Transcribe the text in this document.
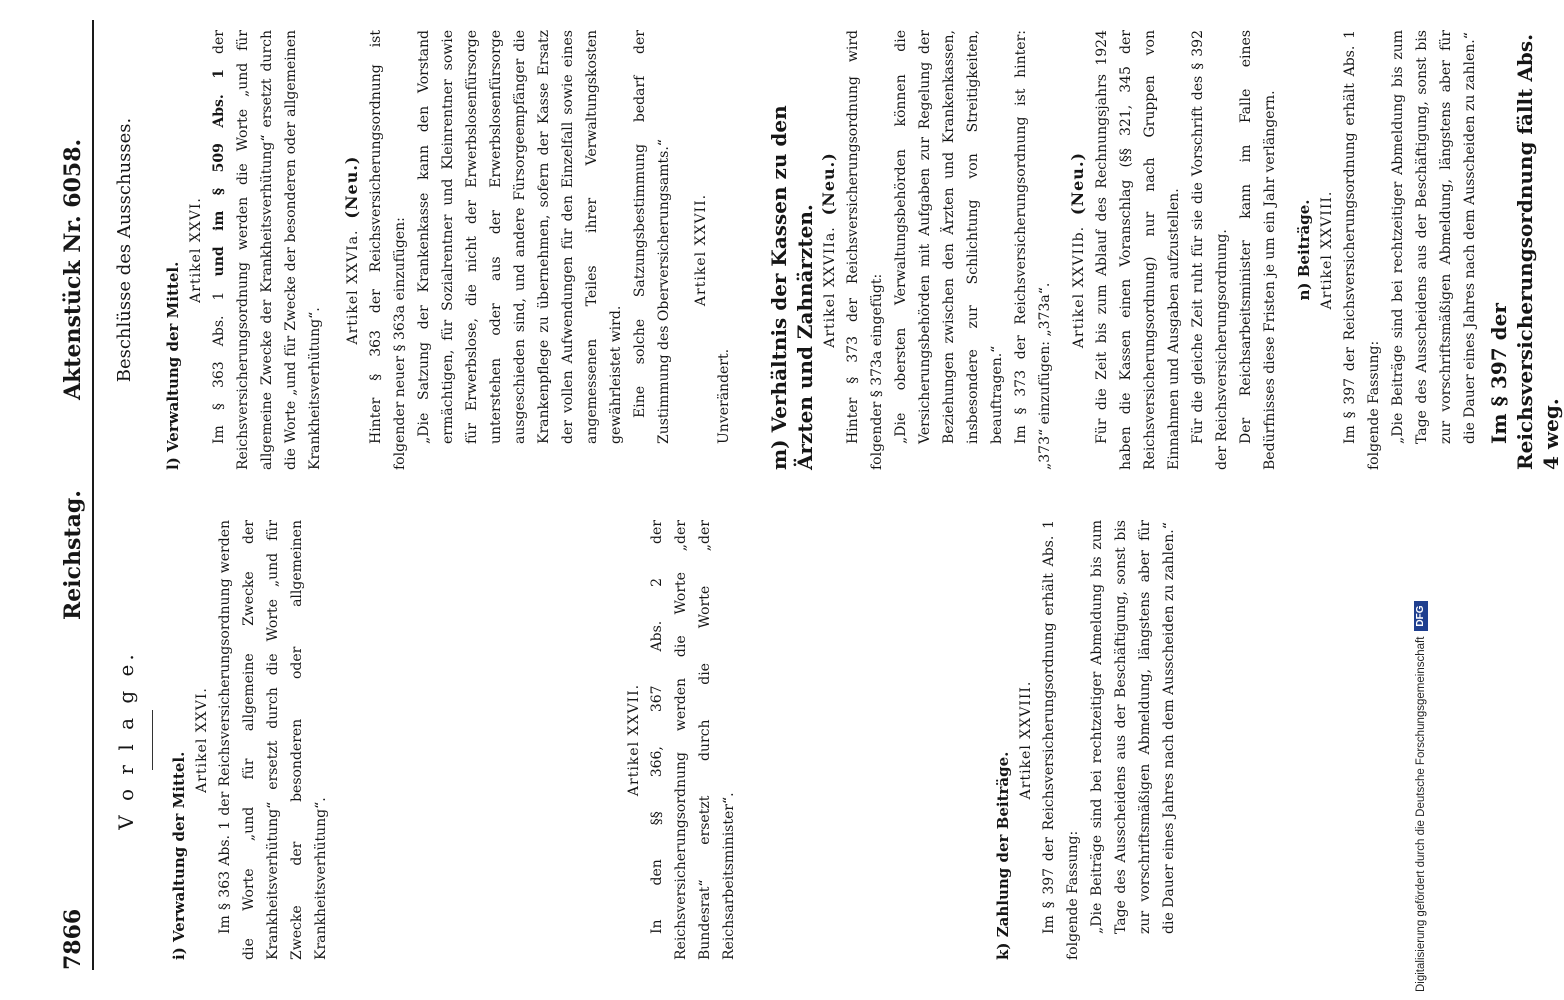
7866
Reichstag.
Aktenstück Nr. 6058.
V o r l a g e.
i) Verwaltung der Mittel.
Artikel XXVI. Im § 363 Abs. 1 der Reichsversicherungsordnung werden die Worte „und für allgemeine Zwecke der Krankheitsverhütung“ ersetzt durch die Worte „und für Zwecke der besonderen oder allgemeinen Krankheitsverhütung“.
Artikel XXVII. In den §§ 366, 367 Abs. 2 der Reichsversicherungsordnung werden die Worte „der Bundesrat“ ersetzt durch die Worte „der Reichsarbeitsminister“.	k) Zahlung der Beiträge.
Artikel XXVIII. Im § 397 der Reichsversicherungsordnung erhält Abs. 1 folgende Fassung: „Die Beiträge sind bei rechtzeitiger Abmeldung bis zum Tage des Ausscheidens aus der Beschäftigung, sonst bis zur vorschriftsmäßigen Abmeldung, längstens aber für die Dauer eines Jahres nach dem Ausscheiden zu zahlen.“
Beschlüsse des Ausschusses. l) Verwaltung der Mittel.
Artikel XXVI.
Im § 363 Abs. 1 und im § 509 Abs. 1 der Reichsversicherungsordnung werden die Worte „und für allgemeine Zwecke der Krankheitsverhütung“ ersetzt durch die Worte „und für Zwecke der besonderen oder allgemeinen Krankheitsverhütung“.
Artikel XXVIa.  (Neu.) Hinter § 363 der Reichsversicherungsordnung ist folgender neuer § 363a einzufügen: „Die Satzung der Krankenkasse kann den Vorstand ermächtigen, für Sozialrentner und Kleinrentner sowie für Erwerbslose, die nicht der Erwerbslosenfürsorge unterstehen oder aus der Erwerbslosenfürsorge ausgeschieden sind, und andere Fürsorgeempfänger die Krankenpflege zu übernehmen, sofern der Kasse Ersatz der vollen Aufwendungen für den Einzelfall sowie eines angemessenen Teiles ihrer Verwaltungskosten gewährleistet wird. Eine solche Satzungsbestimmung bedarf der Zustimmung des Oberversicherungsamts.“ Artikel XXVII.
Unverändert. m) Verhältnis der Kassen zu den Ärzten und Zahnärzten. Artikel XXVIIa.  (Neu.) Hinter § 373 der Reichsversicherungsordnung wird folgender § 373a eingefügt: „Die obersten Verwaltungsbehörden können die Versicherungsbehörden mit Aufgaben zur Regelung der Beziehungen zwischen den Ärzten und Krankenkassen, insbesondere zur Schlichtung von Streitigkeiten, beauftragen.“ Im § 373 der Reichsversicherungsordnung ist hinter: „373“ einzufügen: „373a“. Artikel XXVIIb.  (Neu.) Für die Zeit bis zum Ablauf des Rechnungsjahrs 1924 haben die Kassen einen Voranschlag (§§ 321, 345 der Reichsversicherungsordnung) nur nach Gruppen von Einnahmen und Ausgaben aufzustellen. Für die gleiche Zeit ruht für sie die Vorschrift des § 392 der Reichsversicherungsordnung. Der Reichsarbeitsminister kann im Falle eines Bedürfnisses diese Fristen je um ein Jahr verlängern. n) Beiträge. Artikel XXVIII. Im § 397 der Reichsversicherungsordnung erhält Abs. 1 folgende Fassung: „Die Beiträge sind bei rechtzeitiger Abmeldung bis zum Tage des Ausscheidens aus der Beschäftigung, sonst bis zur vorschriftsmäßigen Abmeldung, längstens aber für die Dauer eines Jahres nach dem Ausscheiden zu zahlen.“ Im § 397 der Reichsversicherungsordnung fällt Abs. 4 weg.
Digitalisierung gefördert durch die Deutsche ForschungsgemeinschaftDFG
